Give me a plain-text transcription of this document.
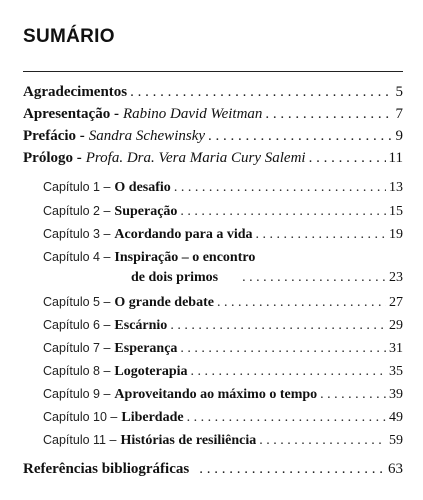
SUMÁRIO
Agradecimentos . . .	5
Apresentação - Rabino David Weitman . . .	7
Prefácio - Sandra Schewinsky . . .	9
Prólogo - Profa. Dra. Vera Maria Cury Salemi . . .	11
Capítulo 1 – O desafio . . .	13
Capítulo 2 – Superação . . .	15
Capítulo 3 – Acordando para a vida . . .	19
Capítulo 4 – Inspiração – o encontro
de dois primos . . .	23
Capítulo 5 – O grande debate . . .	27
Capítulo 6 – Escárnio . . .	29
Capítulo 7 – Esperança . . .	31
Capítulo 8 – Logoterapia . . .	35
Capítulo 9 – Aproveitando ao máximo o tempo . . .	39
Capítulo 10 – Liberdade . . .	49
Capítulo 11 – Histórias de resiliência . . .	59
Referências bibliográficas . . .	63
